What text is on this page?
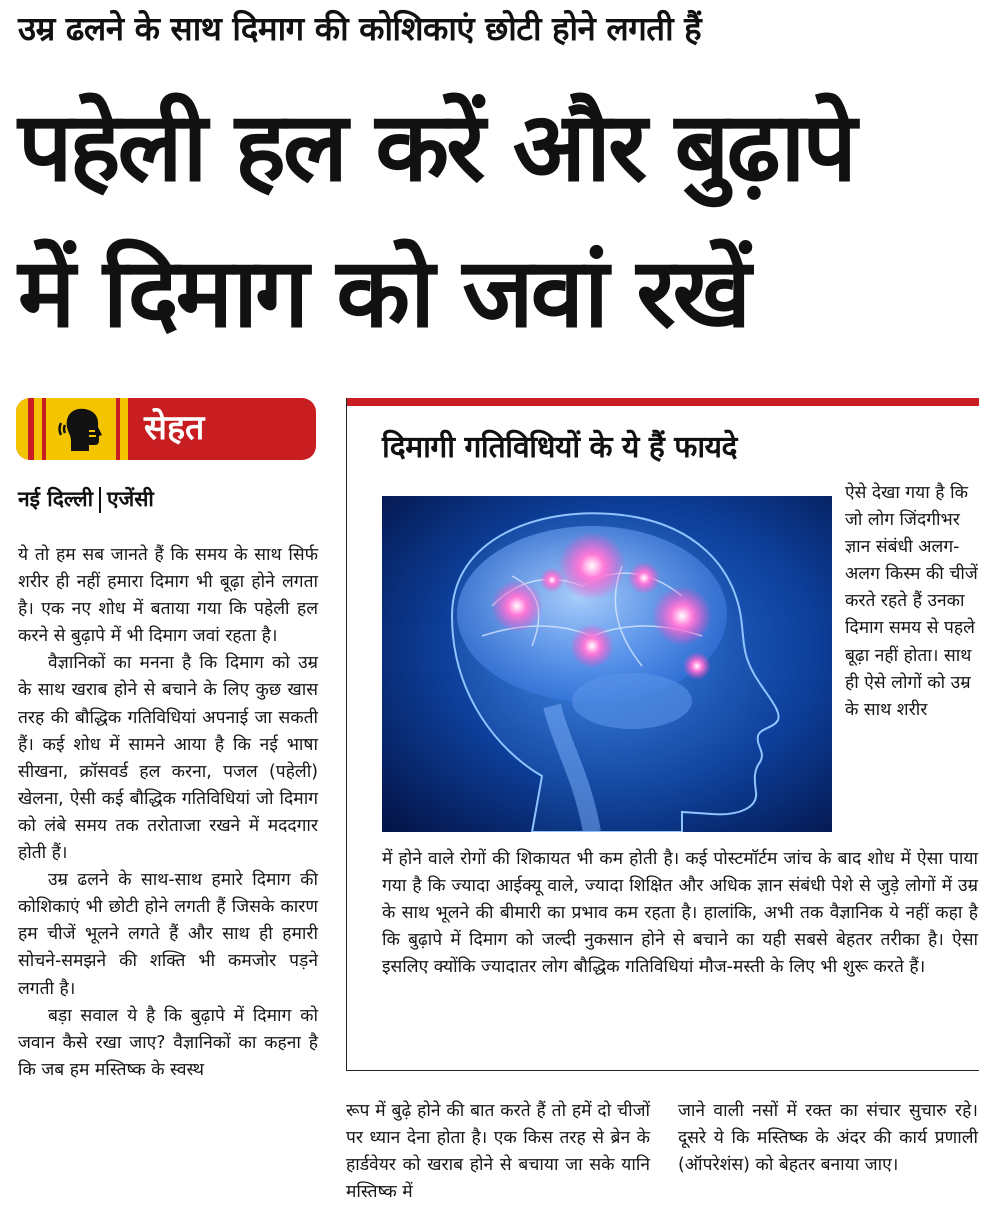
उम्र ढलने के साथ दिमाग की कोशिकाएं छोटी होने लगती हैं
पहेली हल करें और बुढ़ापे
में दिमाग को जवां रखें
सेहत
नई दिल्ली एजेंसी

ये तो हम सब जानते हैं कि समय के साथ सिर्फ शरीर ही नहीं हमारा दिमाग भी बूढ़ा होने लगता है। एक नए शोध में बताया गया कि पहेली हल करने से बुढ़ापे में भी दिमाग जवां रहता है।

वैज्ञानिकों का मनना है कि दिमाग को उम्र के साथ खराब होने से बचाने के लिए कुछ खास तरह की बौद्धिक गतिविधियां अपनाई जा सकती हैं। कई शोध में सामने आया है कि नई भाषा सीखना, क्रॉसवर्ड हल करना, पजल (पहेली) खेलना, ऐसी कई बौद्धिक गतिविधियां जो दिमाग को लंबे समय तक तरोताजा रखने में मददगार होती हैं।

उम्र ढलने के साथ-साथ हमारे दिमाग की कोशिकाएं भी छोटी होने लगती हैं जिसके कारण हम चीजें भूलने लगते हैं और साथ ही हमारी सोचने-समझने की शक्ति भी कमजोर पड़ने लगती है।

बड़ा सवाल ये है कि बुढ़ापे में दिमाग को जवान कैसे रखा जाए? वैज्ञानिकों का कहना है कि जब हम मस्तिष्क के स्वस्थ

दिमागी गतिविधियों के ये हैं फायदे
ऐसे देखा गया है कि जो लोग जिंदगीभर ज्ञान संबंधी अलग-अलग किस्म की चीजें करते रहते हैं उनका दिमाग समय से पहले बूढ़ा नहीं होता। साथ ही ऐसे लोगों को उम्र के साथ शरीर
में होने वाले रोगों की शिकायत भी कम होती है। कई पोस्टमॉर्टम जांच के बाद शोध में ऐसा पाया गया है कि ज्यादा आईक्यू वाले, ज्यादा शिक्षित और अधिक ज्ञान संबंधी पेशे से जुड़े लोगों में उम्र के साथ भूलने की बीमारी का प्रभाव कम रहता है। हालांकि, अभी तक वैज्ञानिक ये नहीं कहा है कि बुढ़ापे में दिमाग को जल्दी नुकसान होने से बचाने का यही सबसे बेहतर तरीका है। ऐसा इसलिए क्योंकि ज्यादातर लोग बौद्धिक गतिविधियां मौज-मस्ती के लिए भी शुरू करते हैं।
रूप में बुढ़े होने की बात करते हैं तो हमें दो चीजों पर ध्यान देना होता है। एक किस तरह से ब्रेन के हार्डवेयर को खराब होने से बचाया जा सके यानि मस्तिष्क में
जाने वाली नसों में रक्त का संचार सुचारु रहे। दूसरे ये कि मस्तिष्क के अंदर की कार्य प्रणाली (ऑपरेशंस) को बेहतर बनाया जाए।
